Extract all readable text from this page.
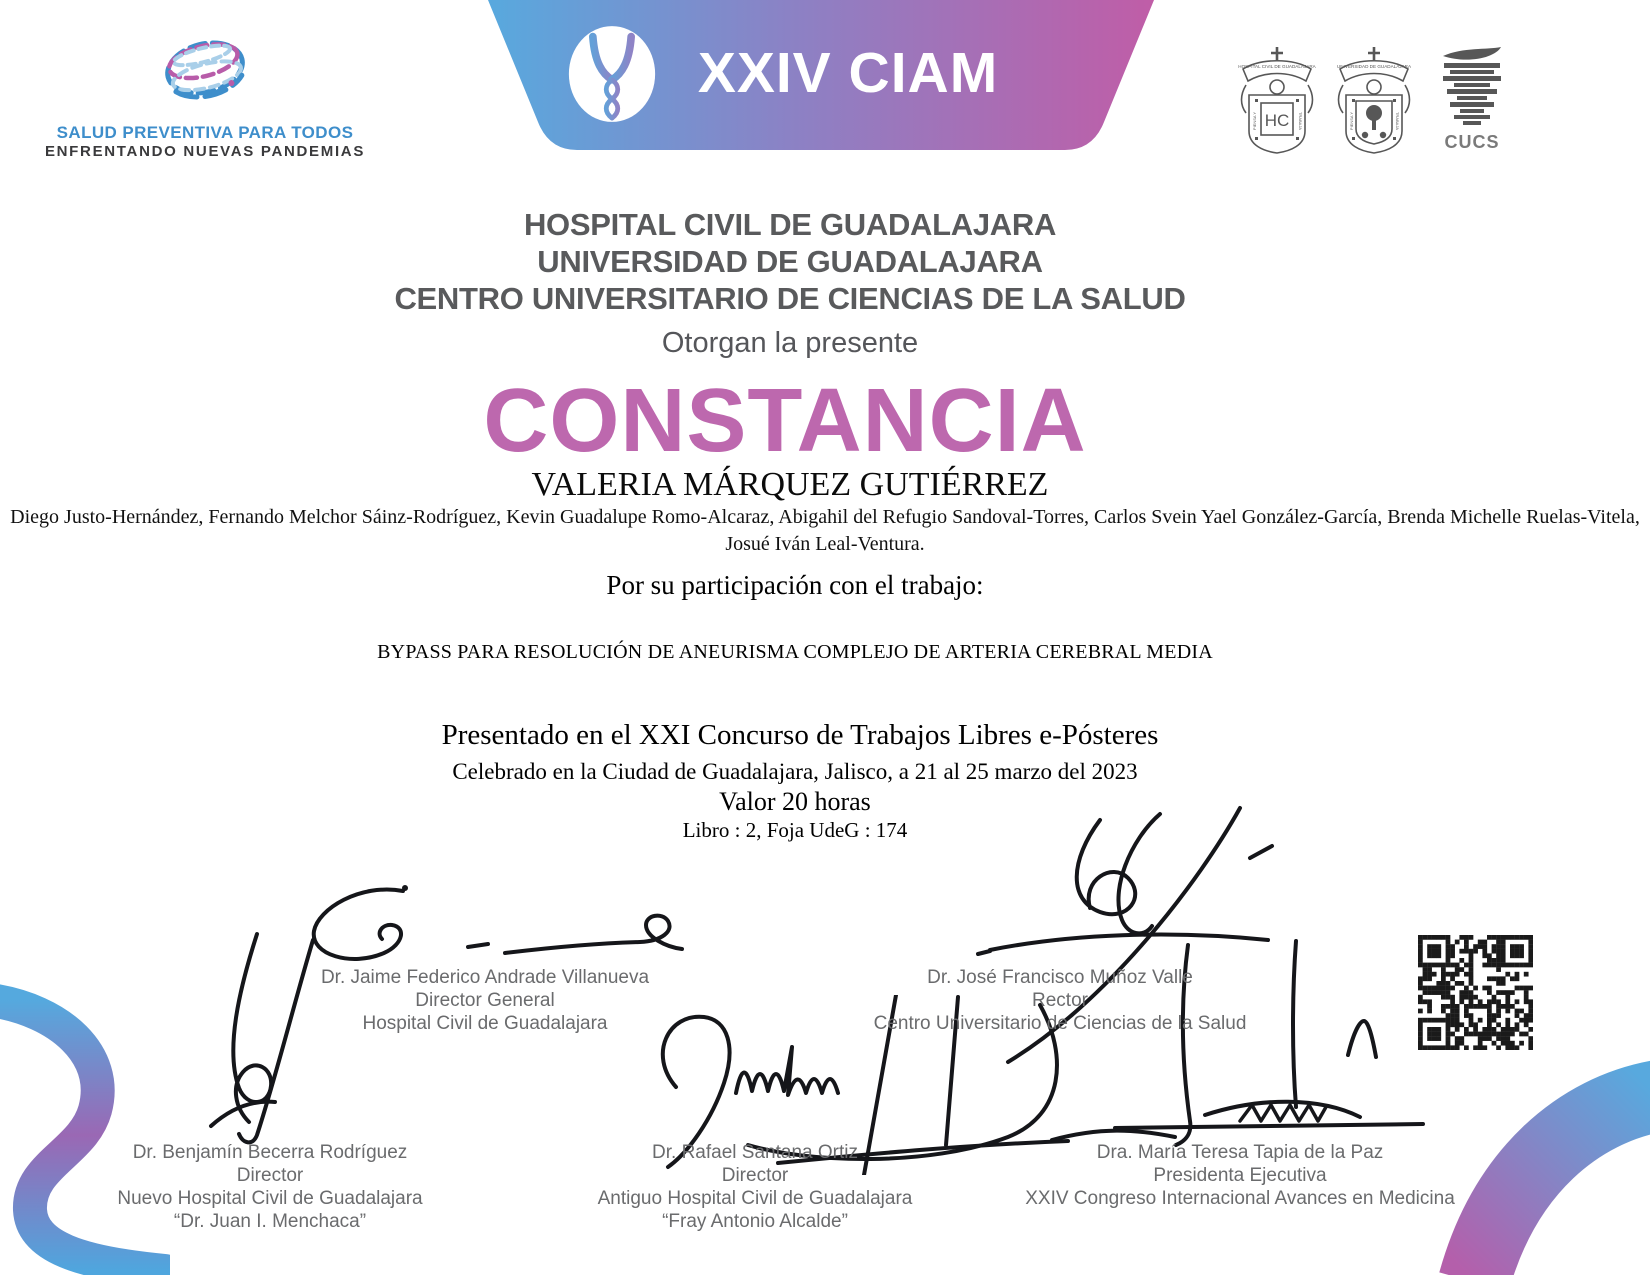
SALUD PREVENTIVA PARA TODOS
ENFRENTANDO NUEVAS PANDEMIAS
XXIV CIAM	HOSPITAL CIVIL DE GUADALAJARA
PIENSA Y	TRABAJA
HC
UNIVERSIDAD DE GUADALAJARA
PIENSA Y	TRABAJA
CUCS
HOSPITAL CIVIL DE GUADALAJARA
UNIVERSIDAD DE GUADALAJARA
CENTRO UNIVERSITARIO DE CIENCIAS DE LA SALUD
Otorgan la presente
CONSTANCIA
VALERIA MÁRQUEZ GUTIÉRREZ
Diego Justo-Hernández, Fernando Melchor Sáinz-Rodríguez, Kevin Guadalupe Romo-Alcaraz, Abigahil del Refugio Sandoval-Torres, Carlos Svein Yael González-García, Brenda Michelle Ruelas-Vitela, Josué Iván Leal-Ventura.
Por su participación con el trabajo:
BYPASS PARA RESOLUCIÓN DE ANEURISMA COMPLEJO DE ARTERIA CEREBRAL MEDIA
Presentado en el XXI Concurso de Trabajos Libres e-Pósteres
Celebrado en la Ciudad de Guadalajara, Jalisco, a 21 al 25 marzo del 2023
Valor 20 horas
Libro : 2, Foja UdeG : 174
Dr. Jaime Federico Andrade Villanueva
Director General
Hospital Civil de Guadalajara
Dr. José Francisco Muñoz Valle
Rector
Centro Universitario de Ciencias de la Salud
Dr. Benjamín Becerra Rodríguez
Director
Nuevo Hospital Civil de Guadalajara
“Dr. Juan I. Menchaca”
Dr. Rafael Santana Ortiz
Director
Antiguo Hospital Civil de Guadalajara
“Fray Antonio Alcalde”
Dra. María Teresa Tapia de la Paz
Presidenta Ejecutiva
XXIV Congreso Internacional Avances en Medicina
